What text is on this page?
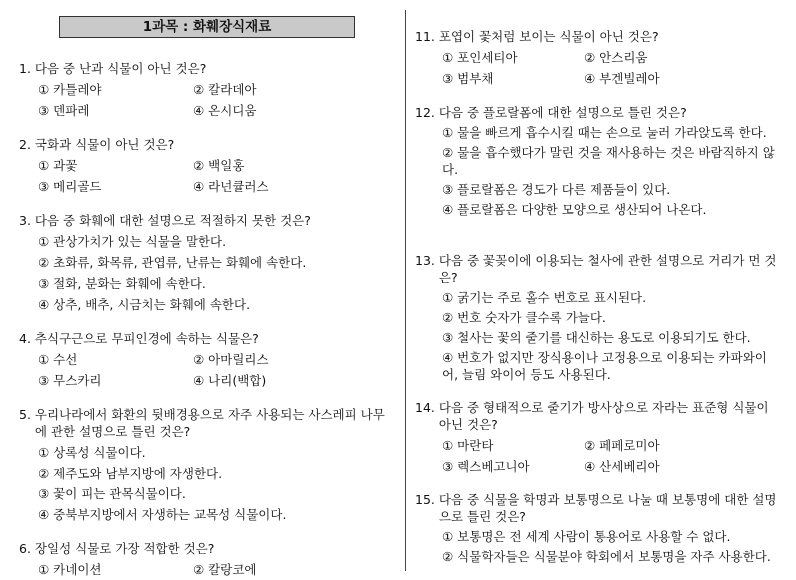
1과목 : 화훼장식재료
1.
다음 중 난과 식물이 아닌 것은?
① 카틀레야	② 칼라데아
③ 덴파레	④ 온시디움
2.
국화과 식물이 아닌 것은?
① 과꽃	② 백일홍
③ 메리골드	④ 라넌큘러스
3.
다음 중 화훼에 대한 설명으로 적절하지 못한 것은?
① 관상가치가 있는 식물을 말한다.
② 초화류, 화목류, 관엽류, 난류는 화훼에 속한다.
③ 절화, 분화는 화훼에 속한다.
④ 상추, 배추, 시금치는 화훼에 속한다.
4.
추식구근으로 무피인경에 속하는 식물은?
① 수선	② 아마릴리스
③ 무스카리	④ 나리(백합)
5.
우리나라에서 화환의 뒷배경용으로 자주 사용되는 사스레피 나무에 관한 설명으로 틀린 것은?
① 상록성 식물이다.
② 제주도와 남부지방에 자생한다.
③ 꽃이 피는 관목식물이다.
④ 중북부지방에서 자생하는 교목성 식물이다.
6.
장일성 식물로 가장 적합한 것은?
① 카네이션	② 칼랑코에
11.
포엽이 꽃처럼 보이는 식물이 아닌 것은?
① 포인세티아	② 안스리움
③ 범부채	④ 부겐빌레아
12.
다음 중 플로랄폼에 대한 설명으로 틀린 것은?
① 물을 빠르게 흡수시킬 때는 손으로 눌러 가라앉도록 한다.
② 물을 흡수했다가 말린 것을 재사용하는 것은 바람직하지 않다.
③ 플로랄폼은 경도가 다른 제품들이 있다.
④ 플로랄폼은 다양한 모양으로 생산되어 나온다.
13.
다음 중 꽃꽂이에 이용되는 철사에 관한 설명으로 거리가 먼 것은?
① 굵기는 주로 홀수 번호로 표시된다.
② 번호 숫자가 클수록 가늘다.
③ 철사는 꽃의 줄기를 대신하는 용도로 이용되기도 한다.
④ 번호가 없지만 장식용이나 고정용으로 이용되는 카파와이어, 늘림 와이어 등도 사용된다.
14.
다음 중 형태적으로 줄기가 방사상으로 자라는 표준형 식물이 아닌 것은?
① 마란타	② 페페로미아
③ 렉스베고니아	④ 산세베리아
15.
다음 중 식물을 학명과 보통명으로 나눌 때 보통명에 대한 설명으로 틀린 것은?
① 보통명은 전 세계 사람이 통용어로 사용할 수 없다.
② 식물학자들은 식물분야 학회에서 보통명을 자주 사용한다.
